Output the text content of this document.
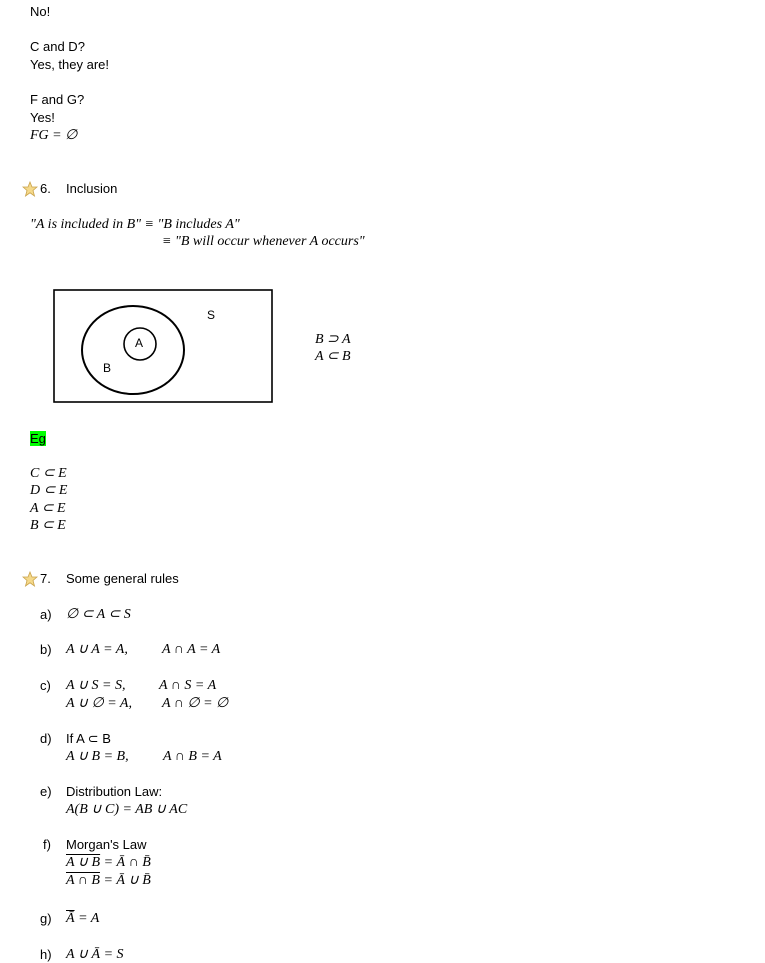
No!
C and D?
Yes, they are!
F and G?
Yes!
FG = ∅
6. Inclusion
"A is included in B" ≡ "B includes A"
≡ "B will occur whenever A occurs"
S
A
B
B ⊃ A
A ⊂ B
Eg
C ⊂ E
D ⊂ E
A ⊂ E
B ⊂ E
7. Some general rules
a) ∅ ⊂ A ⊂ S
b) A ∪ A = A, A ∩ A = A
c) A ∪ S = S, A ∩ S = A
A ∪ ∅ = A, A ∩ ∅ = ∅
d) If A ⊂ B
A ∪ B = B, A ∩ B = A
e) Distribution Law:
A(B ∪ C) = AB ∪ AC
f) Morgan's Law
A ∪ B = Ā ∩ B̄
A ∩ B = Ā ∪ B̄
g) $\overline{Ā} = A$
h) A ∪ Ā = S
